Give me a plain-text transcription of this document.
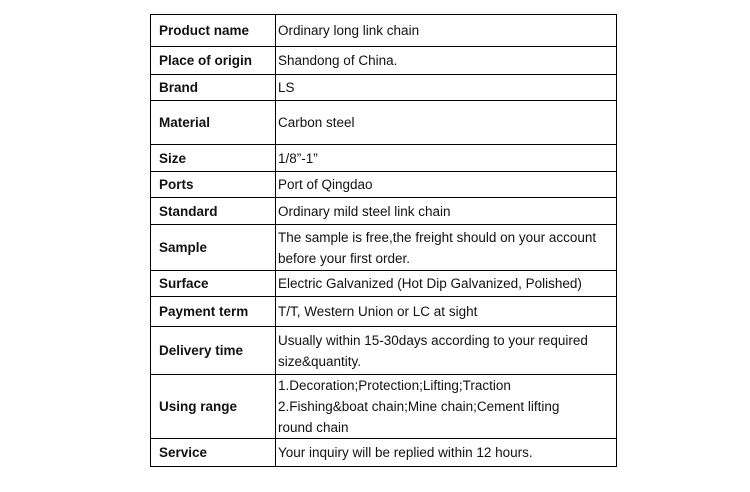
Product name	Ordinary long link chain

Place of origin	Shandong of China.

Brand	LS

Material	Carbon steel

Size	1/8”-1”

Ports	Port of Qingdao

Standard	Ordinary mild steel link chain

Sample	The sample is free,the freight should on your account
before your first order.

Surface	Electric Galvanized (Hot Dip Galvanized, Polished)

Payment term	T/T, Western Union or LC at sight

Delivery time	Usually within 15-30days according to your required
size&quantity.

Using range	1.Decoration;Protection;Lifting;Traction
2.Fishing&boat chain;Mine chain;Cement lifting
round chain

Service	Your inquiry will be replied within 12 hours.
